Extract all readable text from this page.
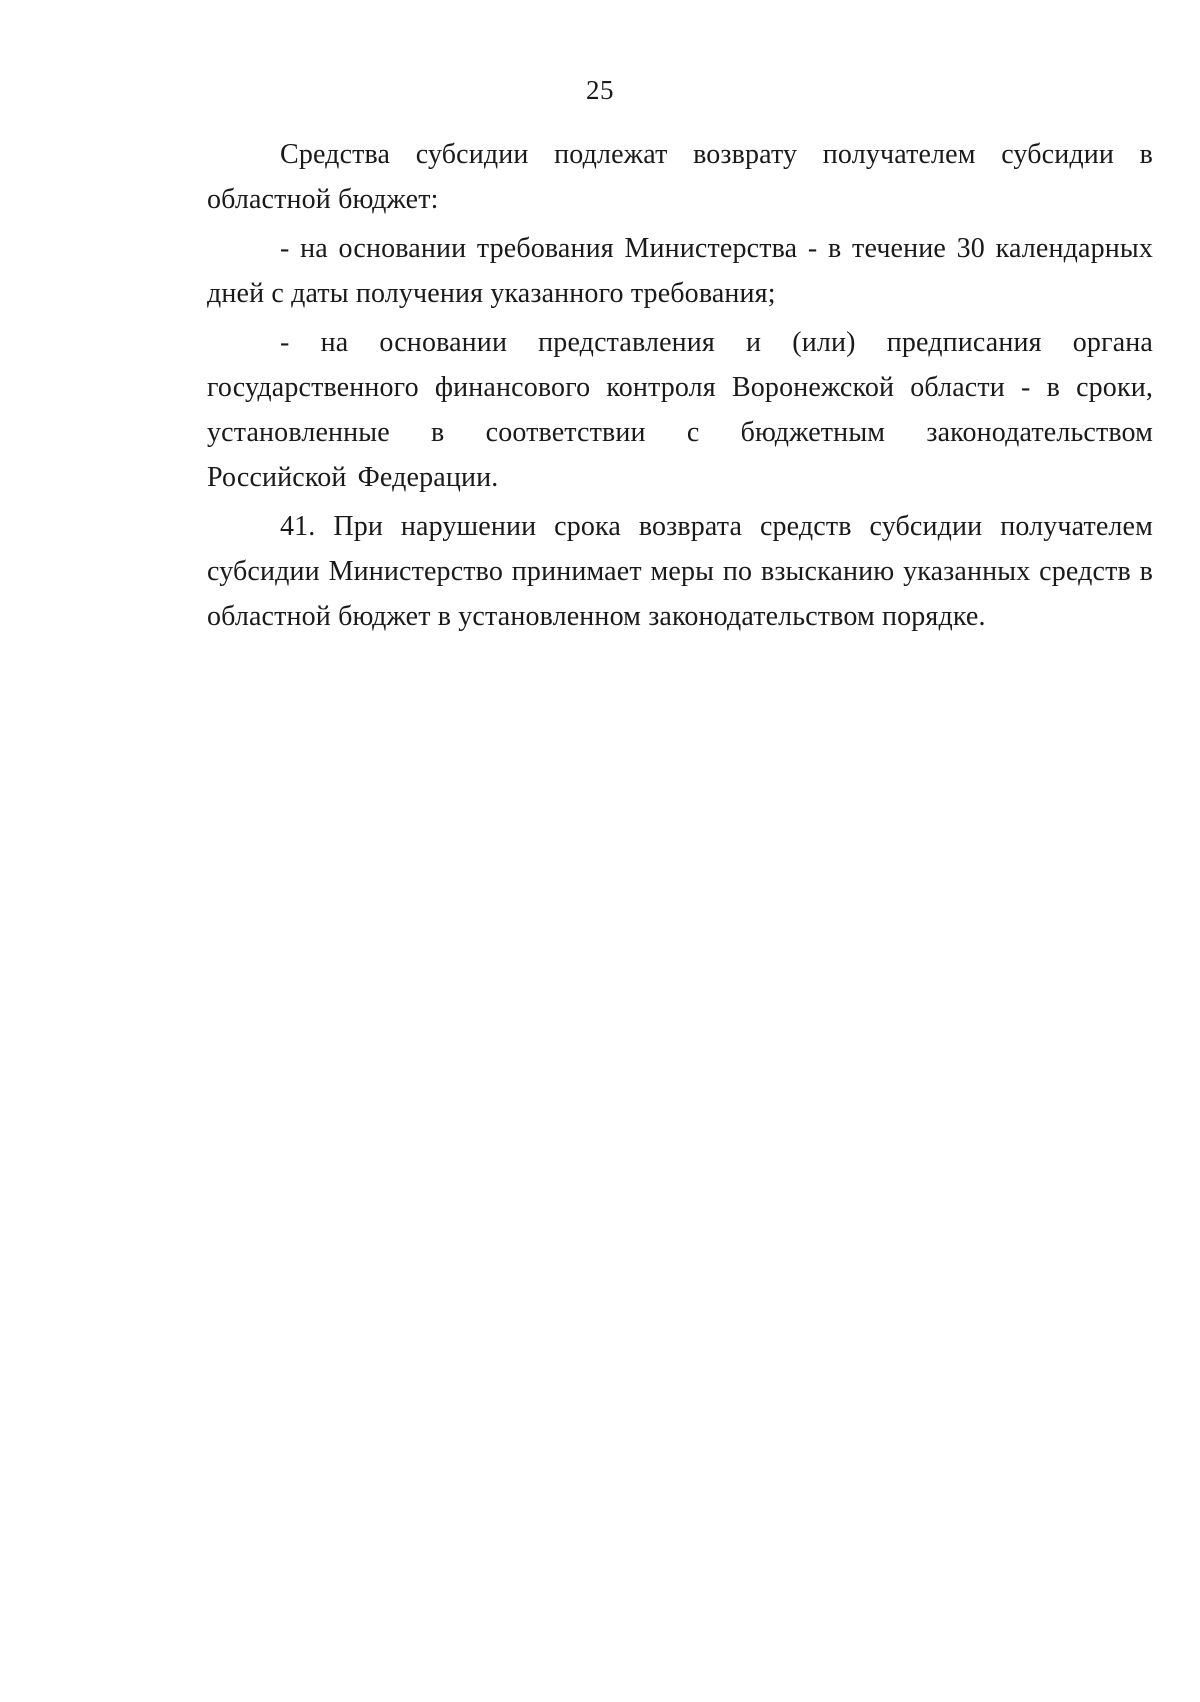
25

Средства субсидии подлежат возврату получателем субсидии в областной бюджет:

- на основании требования Министерства - в течение 30 календарных дней с даты получения указанного требования;

- на основании представления и (или) предписания органа государственного финансового контроля Воронежской области - в сроки, установленные в соответствии с бюджетным законодательством Российской Федерации.

41. При нарушении срока возврата средств субсидии получателем субсидии Министерство принимает меры по взысканию указанных средств в областной бюджет в установленном законодательством порядке.
